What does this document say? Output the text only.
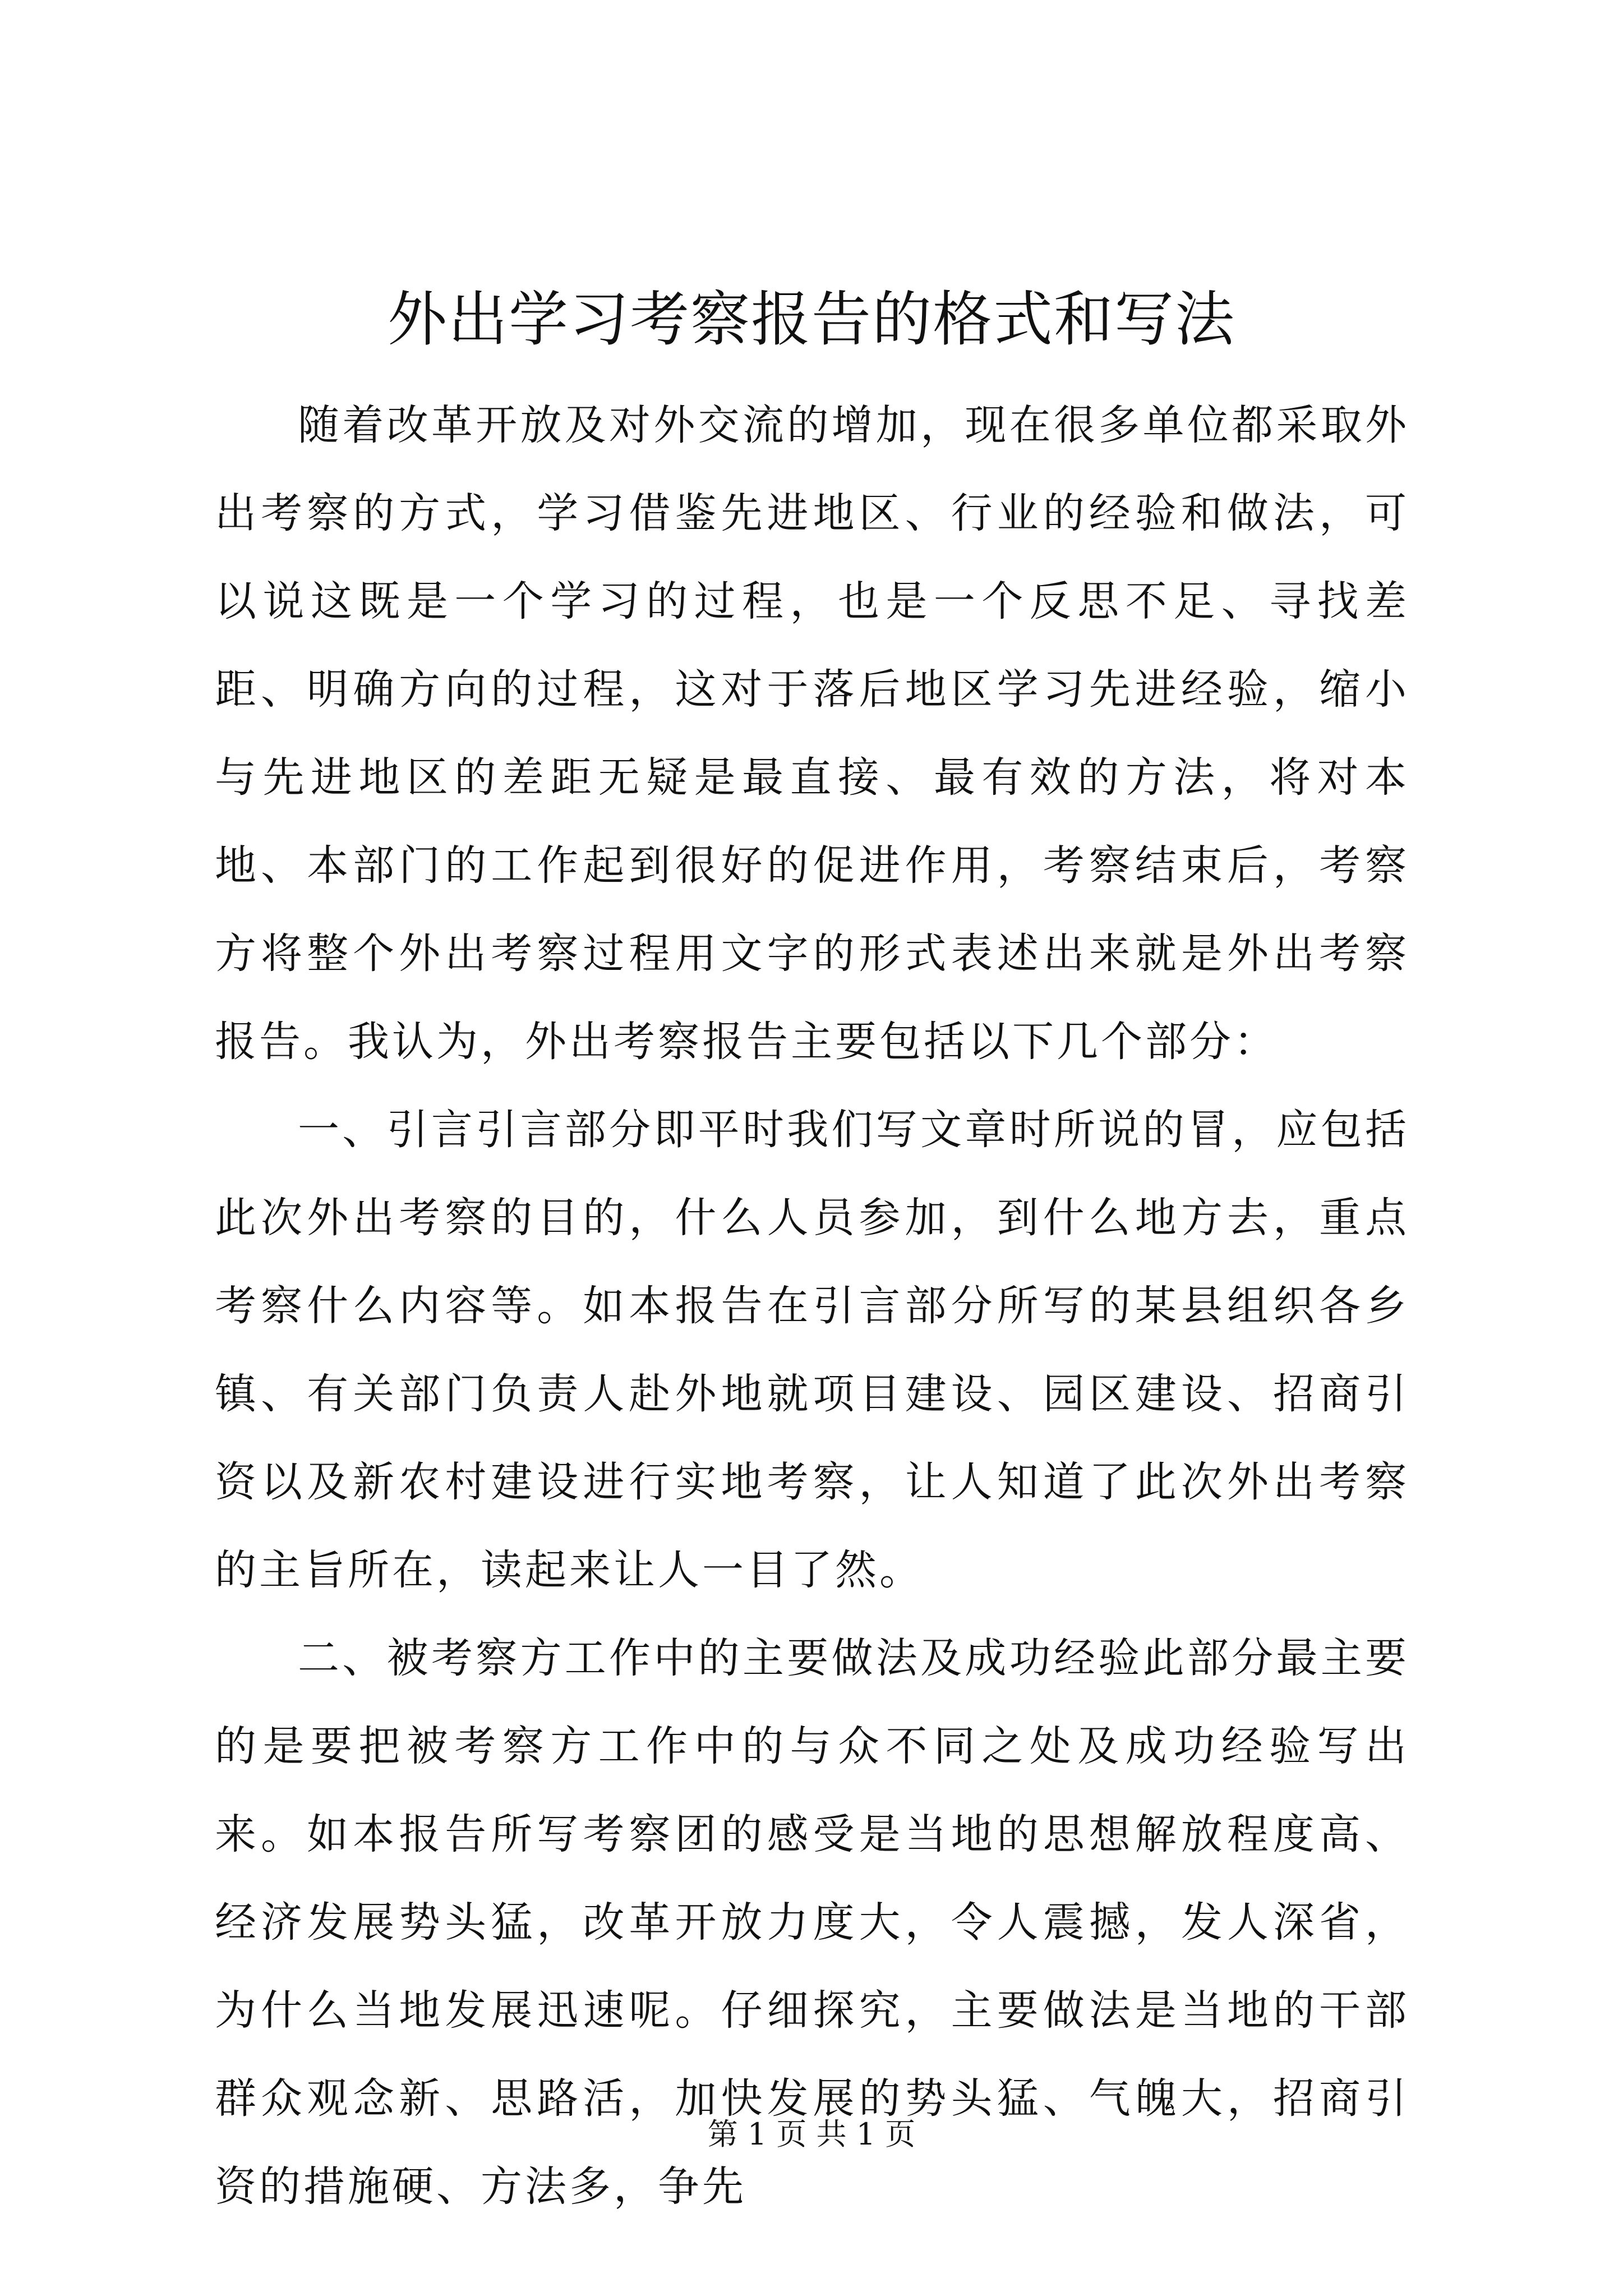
外出学习考察报告的格式和写法

随着改革开放及对外交流的增加，现在很多单位都采取外出考察的方式，学习借鉴先进地区、行业的经验和做法，可以说这既是一个学习的过程，也是一个反思不足、寻找差距、明确方向的过程，这对于落后地区学习先进经验，缩小与先进地区的差距无疑是最直接、最有效的方法，将对本地、本部门的工作起到很好的促进作用，考察结束后，考察方将整个外出考察过程用文字的形式表述出来就是外出考察报告。我认为，外出考察报告主要包括以下几个部分：

一、引言引言部分即平时我们写文章时所说的冒，应包括此次外出考察的目的，什么人员参加，到什么地方去，重点考察什么内容等。如本报告在引言部分所写的某县组织各乡镇、有关部门负责人赴外地就项目建设、园区建设、招商引资以及新农村建设进行实地考察，让人知道了此次外出考察的主旨所在，读起来让人一目了然。

二、被考察方工作中的主要做法及成功经验此部分最主要的是要把被考察方工作中的与众不同之处及成功经验写出来。如本报告所写考察团的感受是当地的思想解放程度高、经济发展势头猛，改革开放力度大，令人震撼，发人深省，为什么当地发展迅速呢。仔细探究，主要做法是当地的干部群众观念新、思路活，加快发展的势头猛、气魄大，招商引资的措施硬、方法多，争先

第 1 页 共 1 页
